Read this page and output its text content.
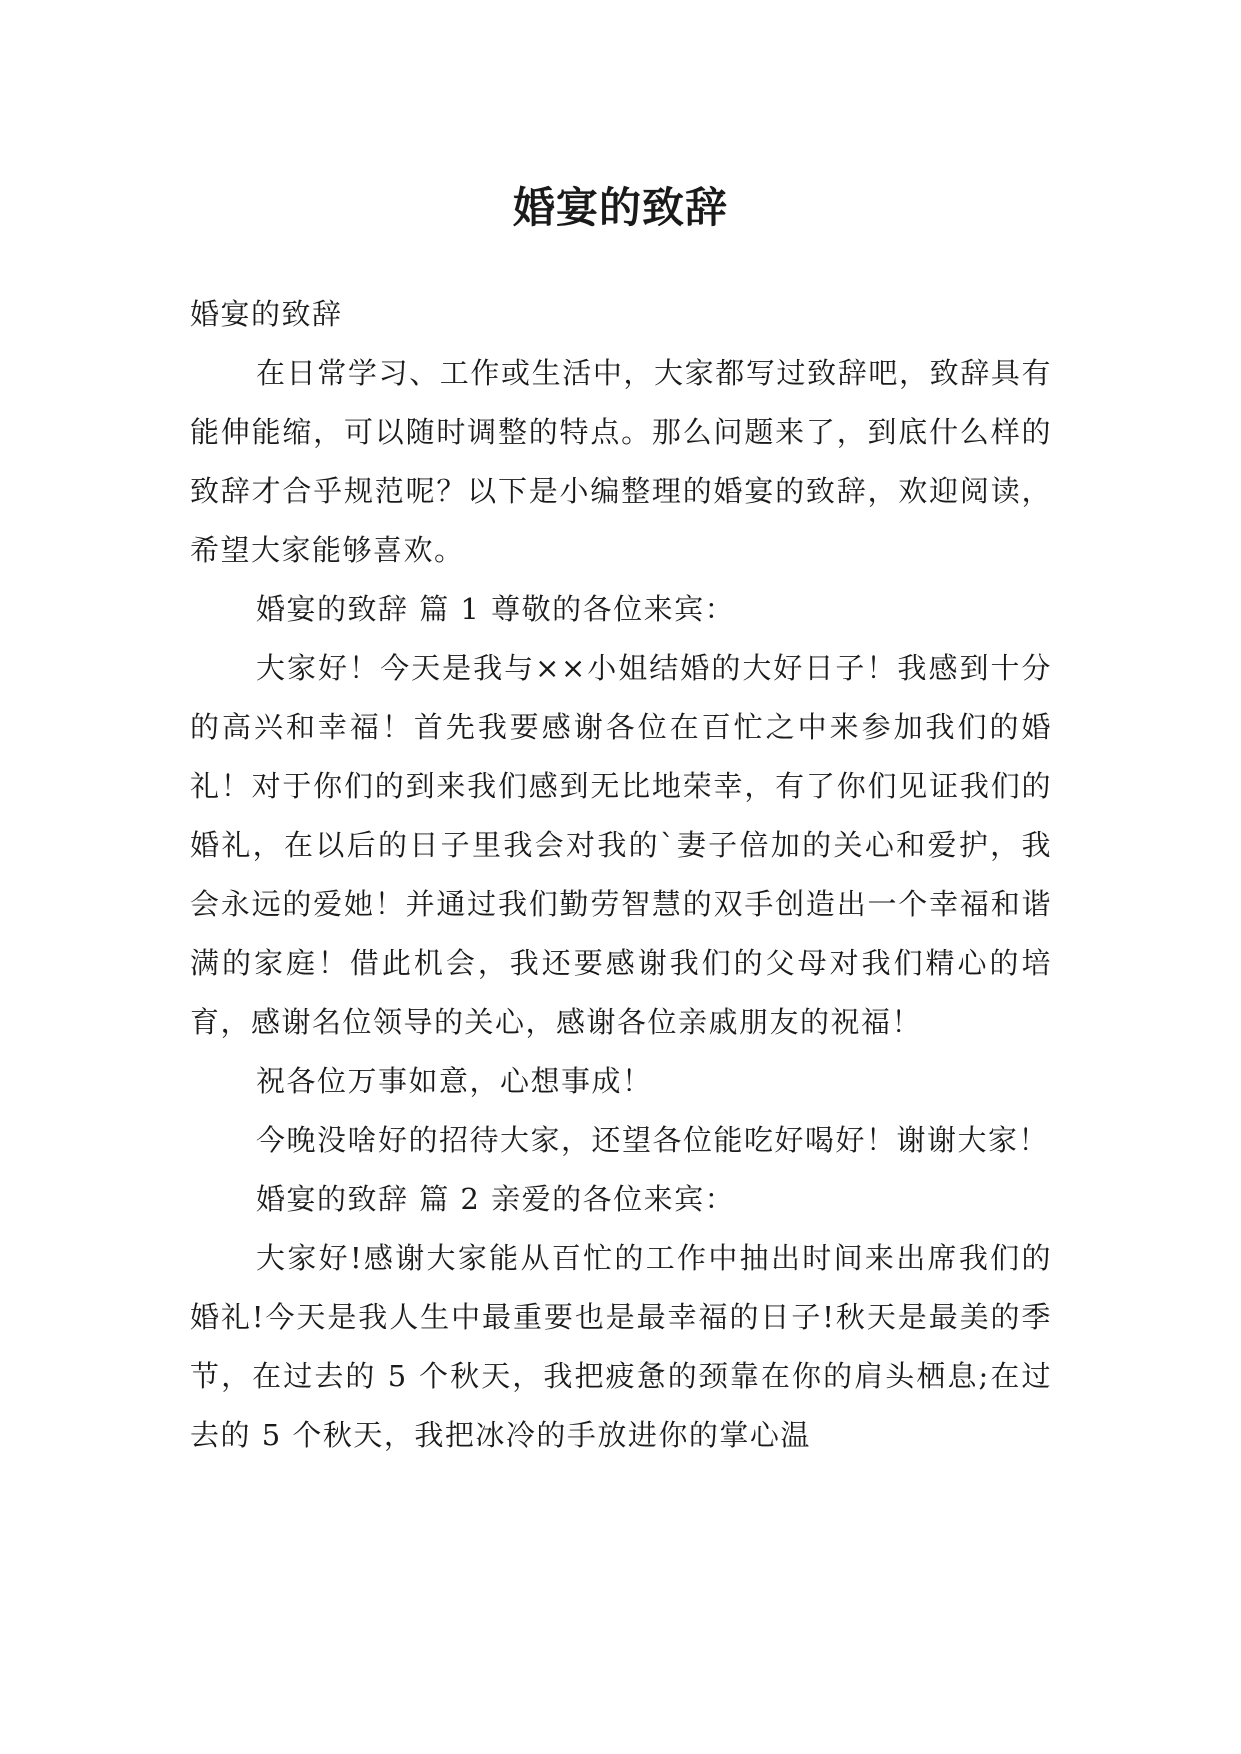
婚宴的致辞

婚宴的致辞

在日常学习、工作或生活中，大家都写过致辞吧，致辞具有能伸能缩，可以随时调整的特点。那么问题来了，到底什么样的致辞才合乎规范呢？以下是小编整理的婚宴的致辞，欢迎阅读，希望大家能够喜欢。

婚宴的致辞 篇 1 尊敬的各位来宾：

大家好！今天是我与××小姐结婚的大好日子！我感到十分的高兴和幸福！首先我要感谢各位在百忙之中来参加我们的婚礼！对于你们的到来我们感到无比地荣幸，有了你们见证我们的婚礼，在以后的日子里我会对我的`妻子倍加的关心和爱护，我会永远的爱她！并通过我们勤劳智慧的双手创造出一个幸福和谐满的家庭！借此机会，我还要感谢我们的父母对我们精心的培育，感谢名位领导的关心，感谢各位亲戚朋友的祝福！

祝各位万事如意，心想事成！

今晚没啥好的招待大家，还望各位能吃好喝好！谢谢大家！

婚宴的致辞 篇 2 亲爱的各位来宾：

大家好!感谢大家能从百忙的工作中抽出时间来出席我们的婚礼!今天是我人生中最重要也是最幸福的日子!秋天是最美的季节，在过去的 5 个秋天，我把疲惫的颈靠在你的肩头栖息;在过去的 5 个秋天，我把冰冷的手放进你的掌心温
